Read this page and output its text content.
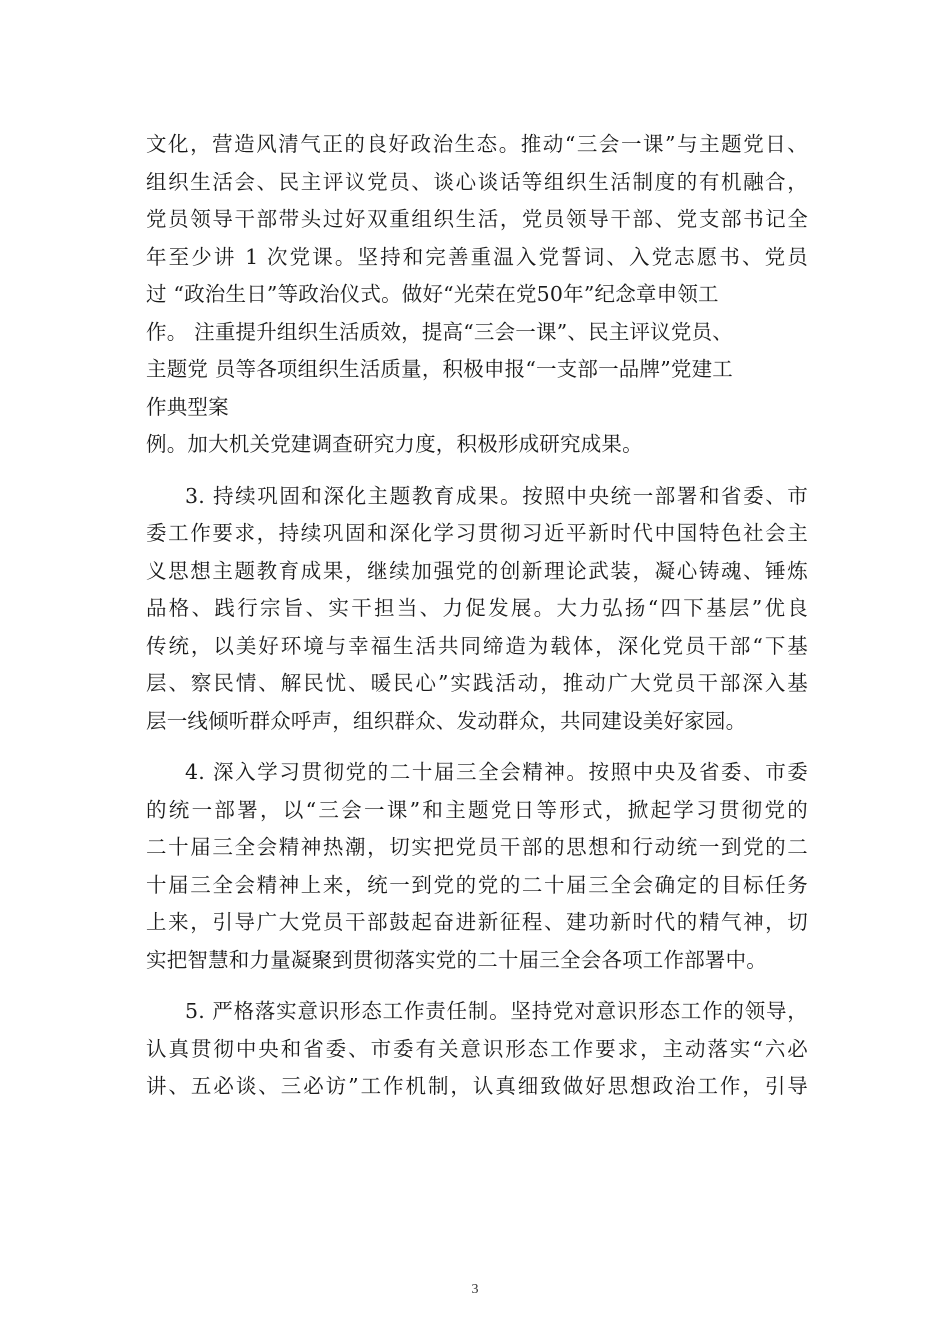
文化，营造风清气正的良好政治生态。推动“三会一课”与主题党日、
组织生活会、民主评议党员、谈心谈话等组织生活制度的有机融合，
党员领导干部带头过好双重组织生活，党员领导干部、党支部书记全
年至少讲 1 次党课。坚持和完善重温入党誓词、入党志愿书、党员
过 “政治生日”等政治仪式。做好“光荣在党50年”纪念章申领工
作。 注重提升组织生活质效，提高“三会一课”、民主评议党员、
主题党 员等各项组织生活质量，积极申报“一支部一品牌”党建工
作典型案
例。加大机关党建调查研究力度，积极形成研究成果。
3. 持续巩固和深化主题教育成果。按照中央统一部署和省委、市
委工作要求，持续巩固和深化学习贯彻习近平新时代中国特色社会主
义思想主题教育成果，继续加强党的创新理论武装，凝心铸魂、锤炼
品格、践行宗旨、实干担当、力促发展。大力弘扬“四下基层”优良
传统，以美好环境与幸福生活共同缔造为载体，深化党员干部“下基
层、察民情、解民忧、暖民心”实践活动，推动广大党员干部深入基
层一线倾听群众呼声，组织群众、发动群众，共同建设美好家园。
4. 深入学习贯彻党的二十届三全会精神。按照中央及省委、市委
的统一部署，以“三会一课”和主题党日等形式，掀起学习贯彻党的
二十届三全会精神热潮，切实把党员干部的思想和行动统一到党的二
十届三全会精神上来，统一到党的党的二十届三全会确定的目标任务
上来，引导广大党员干部鼓起奋进新征程、建功新时代的精气神，切
实把智慧和力量凝聚到贯彻落实党的二十届三全会各项工作部署中。
5. 严格落实意识形态工作责任制。坚持党对意识形态工作的领导，
认真贯彻中央和省委、市委有关意识形态工作要求，主动落实“六必
讲、五必谈、三必访”工作机制，认真细致做好思想政治工作，引导
3
